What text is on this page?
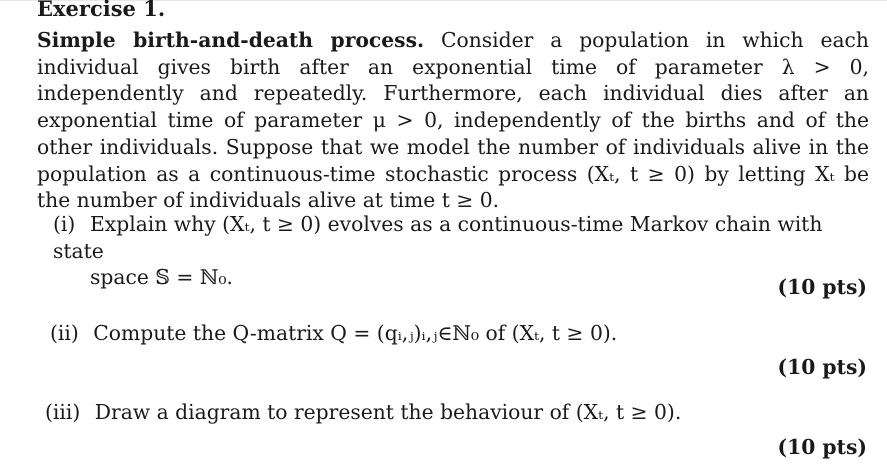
Exercise 1.
Simple birth-and-death process. Consider a population in which each individual gives birth after an exponential time of parameter λ > 0, independently and repeatedly. Furthermore, each individual dies after an exponential time of parameter μ > 0, independently of the births and of the other individuals. Suppose that we model the number of individuals alive in the population as a continuous-time stochastic process (Xₜ, t ≥ 0) by letting Xₜ be the number of individuals alive at time t ≥ 0.
(i) Explain why (Xₜ, t ≥ 0) evolves as a continuous-time Markov chain with state
space 𝕊 = ℕ₀.	(10 pts)
(ii) Compute the Q-matrix Q = (qᵢ,ⱼ)ᵢ,ⱼ∈ℕ₀ of (Xₜ, t ≥ 0).
(10 pts)
(iii) Draw a diagram to represent the behaviour of (Xₜ, t ≥ 0).
(10 pts)
